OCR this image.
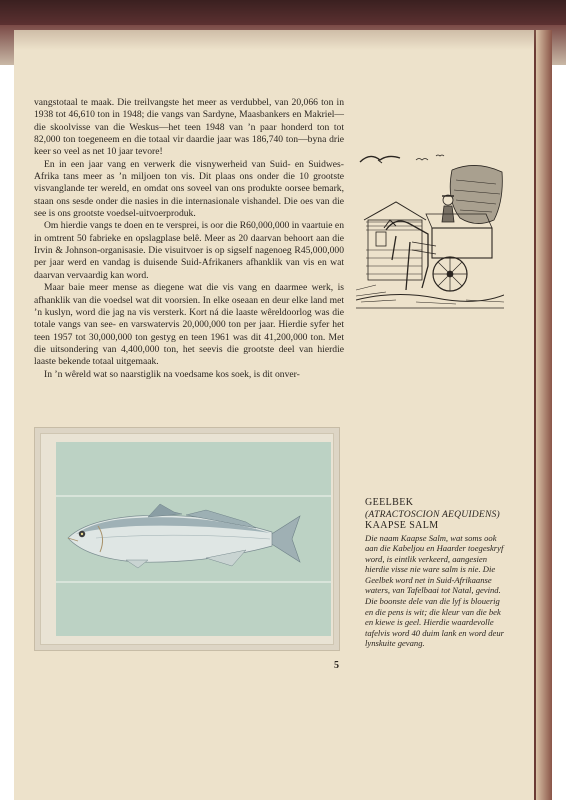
vangstotaal te maak. Die treilvangste het meer as verdubbel, van 20,066 ton in 1938 tot 46,610 ton in 1948; die vangs van Sardyne, Maasbankers en Makriel—die skoolvisse van die Weskus—het teen 1948 van ’n paar honderd ton tot 82,000 ton toegeneem en die totaal vir daardie jaar was 186,740 ton—byna drie keer so veel as net 10 jaar tevore!

En in een jaar vang en verwerk die visnywerheid van Suid- en Suidwes-Afrika tans meer as ’n miljoen ton vis. Dit plaas ons onder die 10 grootste visvanglande ter wereld, en omdat ons soveel van ons produkte oorsee bemark, staan ons sesde onder die nasies in die internasionale vishandel. Die oes van die see is ons grootste voedsel-uitvoerproduk.

Om hierdie vangs te doen en te versprei, is oor die R60,000,000 in vaartuie en in omtrent 50 fabrieke en opslagplase belê. Meer as 20 daarvan behoort aan die Irvin & Johnson-organisasie. Die visuitvoer is op sigself nagenoeg R45,000,000 per jaar werd en vandag is duisende Suid-Afrikaners afhanklik van vis en wat daarvan vervaardig kan word.

Maar baie meer mense as diegene wat die vis vang en daarmee werk, is afhanklik van die voedsel wat dit voorsien. In elke oseaan en deur elke land met ’n kuslyn, word die jag na vis versterk. Kort ná die laaste wêreldoorlog was die totale vangs van see- en varswatervis 20,000,000 ton per jaar. Hierdie syfer het teen 1957 tot 30,000,000 ton gestyg en teen 1961 was dit 41,200,000 ton. Met die uitsondering van 4,400,000 ton, het seevis die grootste deel van hierdie laaste bekende totaal uitgemaak.

In ’n wêreld wat so naarstiglik na voedsame kos soek, is dit onver-

GEELBEK
(ATRACTOSCION AEQUIDENS)
KAAPSE SALM
Die naam Kaapse Salm, wat soms ook aan die Kabeljou en Haarder toegeskryf word, is eintlik verkeerd, aangesien hierdie visse nie ware salm is nie. Die Geelbek word net in Suid-Afrikaanse waters, van Tafelbaai tot Natal, gevind. Die boonste dele van die lyf is blouerig en die pens is wit; die kleur van die bek en kiewe is geel. Hierdie waardevolle tafelvis word 40 duim lank en word deur lynskuite gevang.
5
